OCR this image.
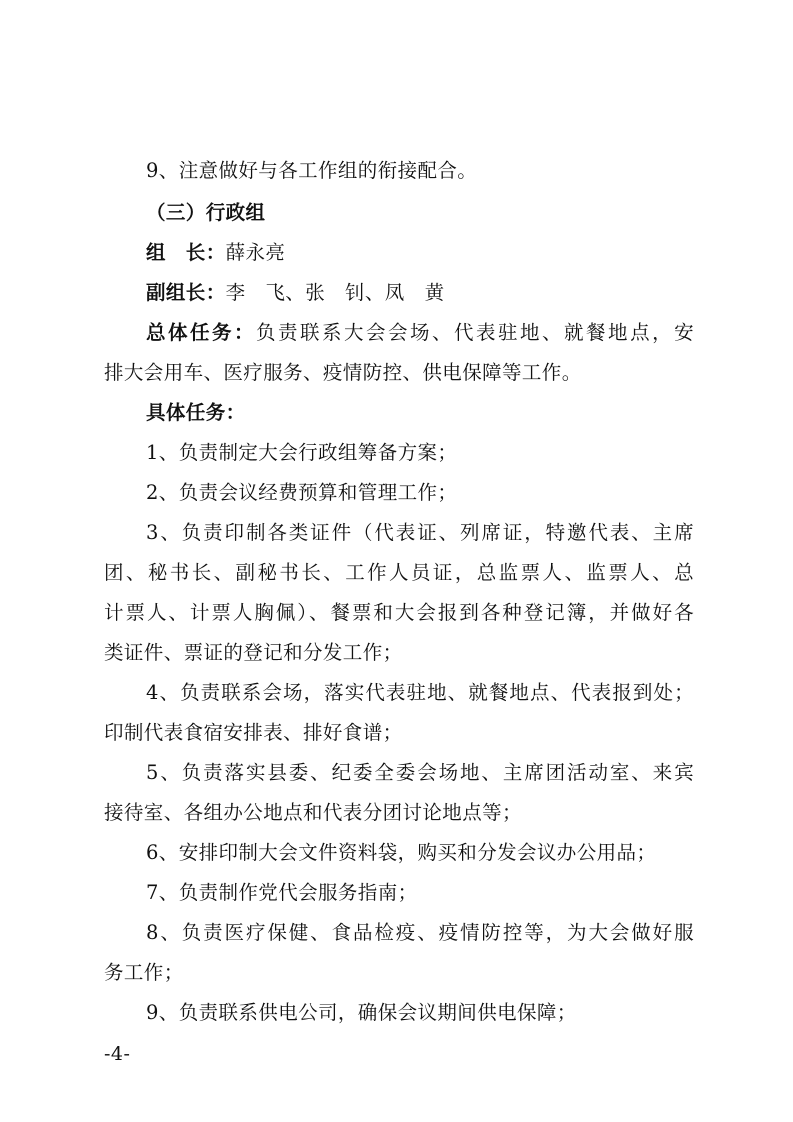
9、注意做好与各工作组的衔接配合。
（三）行政组
组　长：薛永亮
副组长：李　飞、张　钊、凤　黄
总体任务：负责联系大会会场、代表驻地、就餐地点，安
排大会用车、医疗服务、疫情防控、供电保障等工作。
具体任务：
1、负责制定大会行政组筹备方案；
2、负责会议经费预算和管理工作；
3、负责印制各类证件（代表证、列席证，特邀代表、主席
团、秘书长、副秘书长、工作人员证，总监票人、监票人、总
计票人、计票人胸佩）、餐票和大会报到各种登记簿，并做好各
类证件、票证的登记和分发工作；
4、负责联系会场，落实代表驻地、就餐地点、代表报到处；
印制代表食宿安排表、排好食谱；
5、负责落实县委、纪委全委会场地、主席团活动室、来宾
接待室、各组办公地点和代表分团讨论地点等；
6、安排印制大会文件资料袋，购买和分发会议办公用品；
7、负责制作党代会服务指南；
8、负责医疗保健、食品检疫、疫情防控等，为大会做好服
务工作；
9、负责联系供电公司，确保会议期间供电保障；
-4-
